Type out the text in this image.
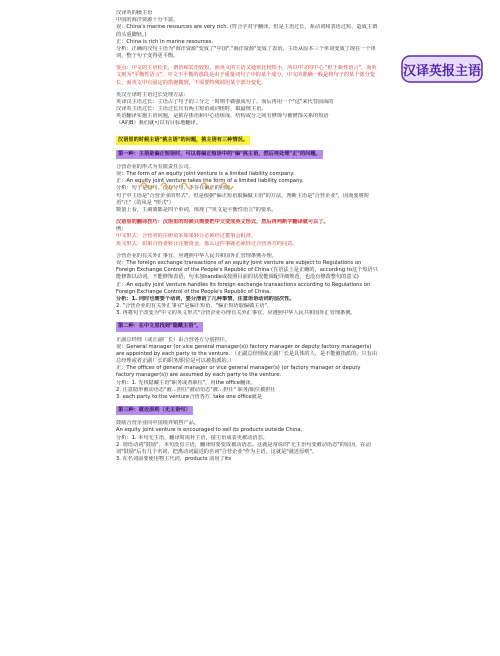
汉译英的操主语
中国的海洋资源十分丰富。
误：China's marine resources are very rich. (符合字对字翻译，但是主语过长，系动词和表语过短，造成主谓的头重脚轻。)
正：China is rich in marine resources.
分析：正确的汉句主语为"海洋资源"变成了"中国","海洋资源"变成了表语。主语从原本三个单词变成了现在一个单词，整个句子变得更平衡。
要点：中文的主语松长，谓语和宾语较短，而英文的主语又通常比较短小，所以中文的中心 "但于新性语言"，而英文则为"平衡性语言"，中文不平衡的那段是由于重量词句子中的某个成分，中文的准确一般是将句子的某个部分变长，而英文中有固定的措施做到，不需要特殊调用某个部分变化。
英汉互译时主语过长处理方法：
英译汉主语过长：主语占了句子的三分之一时则不做强成句了，而后再用一个"这"来代替前面的
汉译英主语过长：主语过长且有两主短语或词组时，取最核主语。
英语翻译实施主语问题，是依存体语和中心语组成，结构或分之间有修饰与被修饰关系的短语
（A的B）我们就可以有目标地翻译。
汉语里的时候主语"挑主语"的问题，挑主语有三种情况。
第一种：主语是偏正短语时，可以将偏正短语中的"偏"挑主语，然后再处理"正"的问题。
合营企业的形式为有限责任公司。
误：The form of an equity joint venture is a limited liability company.
正：An equity joint venture takes the form of a limited liability company.
分析：句子是较句，没有分句，不存在偏正的问题。
句子中主语是"合营企业的形式"，但是根据"偏正短语取偏做主语"的方法，判断主语是"合营企业"，因而要将短语"正"（的风是 "形式"）
数量上看，主调离都是四个单词，体现了"英文是平衡性语言"的要求。
汉语里的翻译技巧：汉语里的时候只需要把中文变成英文形式，然后再判断字翻译就可以了。
例：
中文形式：合营者的注册资本如果转让必须经过董事会批准。
英文形式：如果合营者转让注册资金，那么这件事就必须经过合营各方的同意。
合营企业的有关外汇事宜，应遵照中华人民共和国外汇管理条例办理。
误：The foreign exchange transactions of an equity joint venture are subject to Regulations on Foreign Exchange Control of the People's Republic of China (在语法上是正确的，according to这个短语只能修饰以动词，不能修饰表语，句末加handle或按照目前的状况能调配详细规范，也没有修改整句的意义)
正：An equity joint venture handles its foreign exchange transactions according to Regulations on Foreign Exchange Control of the People's Republic of China.
分析：1. 同时也需要个动词，要分清语了几种事情，注意语语动词的层次性。
2. "合营企业的有关外汇事宜"是偏正短语，"偏正短语取偏做主语"。
3. 再将句子改变为"中文的英文形式"合营企业办理有关外汇事宜，应遵照中华人民共和国外汇管理条例。
第二种：在中文里找到"隐藏主语"。
正副总经理（或正副厂长）由合营各方分别担任。
误：General manager (or vice general manager(s)) factory manager or deputy factory manager(s) are appointed by each party to the venture. （正副总经理或正副厂长是具体的人，是不能被指派的，只有由总经理或者正副厂长的职务/职位是可以被指派的。）
正：The offices of general manager or vice general manager(s) (or factory manager or deputy factory manager(s)) are assumed by each party to the venture.
分析：1. 先找隐藏主语"职务或者职位"，用the office翻译。
2. 注意隐形被动语态"被…担任"被动语态"被…担任" 职务/职位被担任
3. each party to the venture合营各方. take one office就是
第三种：就近原则（无主语句）
鼓励合营企业向中国境外销售产品。
An equity joint venture is encouraged to sell its products outside China.
分析：1. 本句无主语，翻译时需补主语，接主语成表更被动语态。
2. 谓语动词"鼓励"，本句没有主语，翻译时要变成被动语态。这就是常说的"无主语句变被动语态"的原因，在动词"鼓励"后有几个名词，把离动词最近的名词"合营企业"作为主语，这就是"就近原则"。
3. 在名词前要使用物主代词，products 前用了its
汉译英报主语
